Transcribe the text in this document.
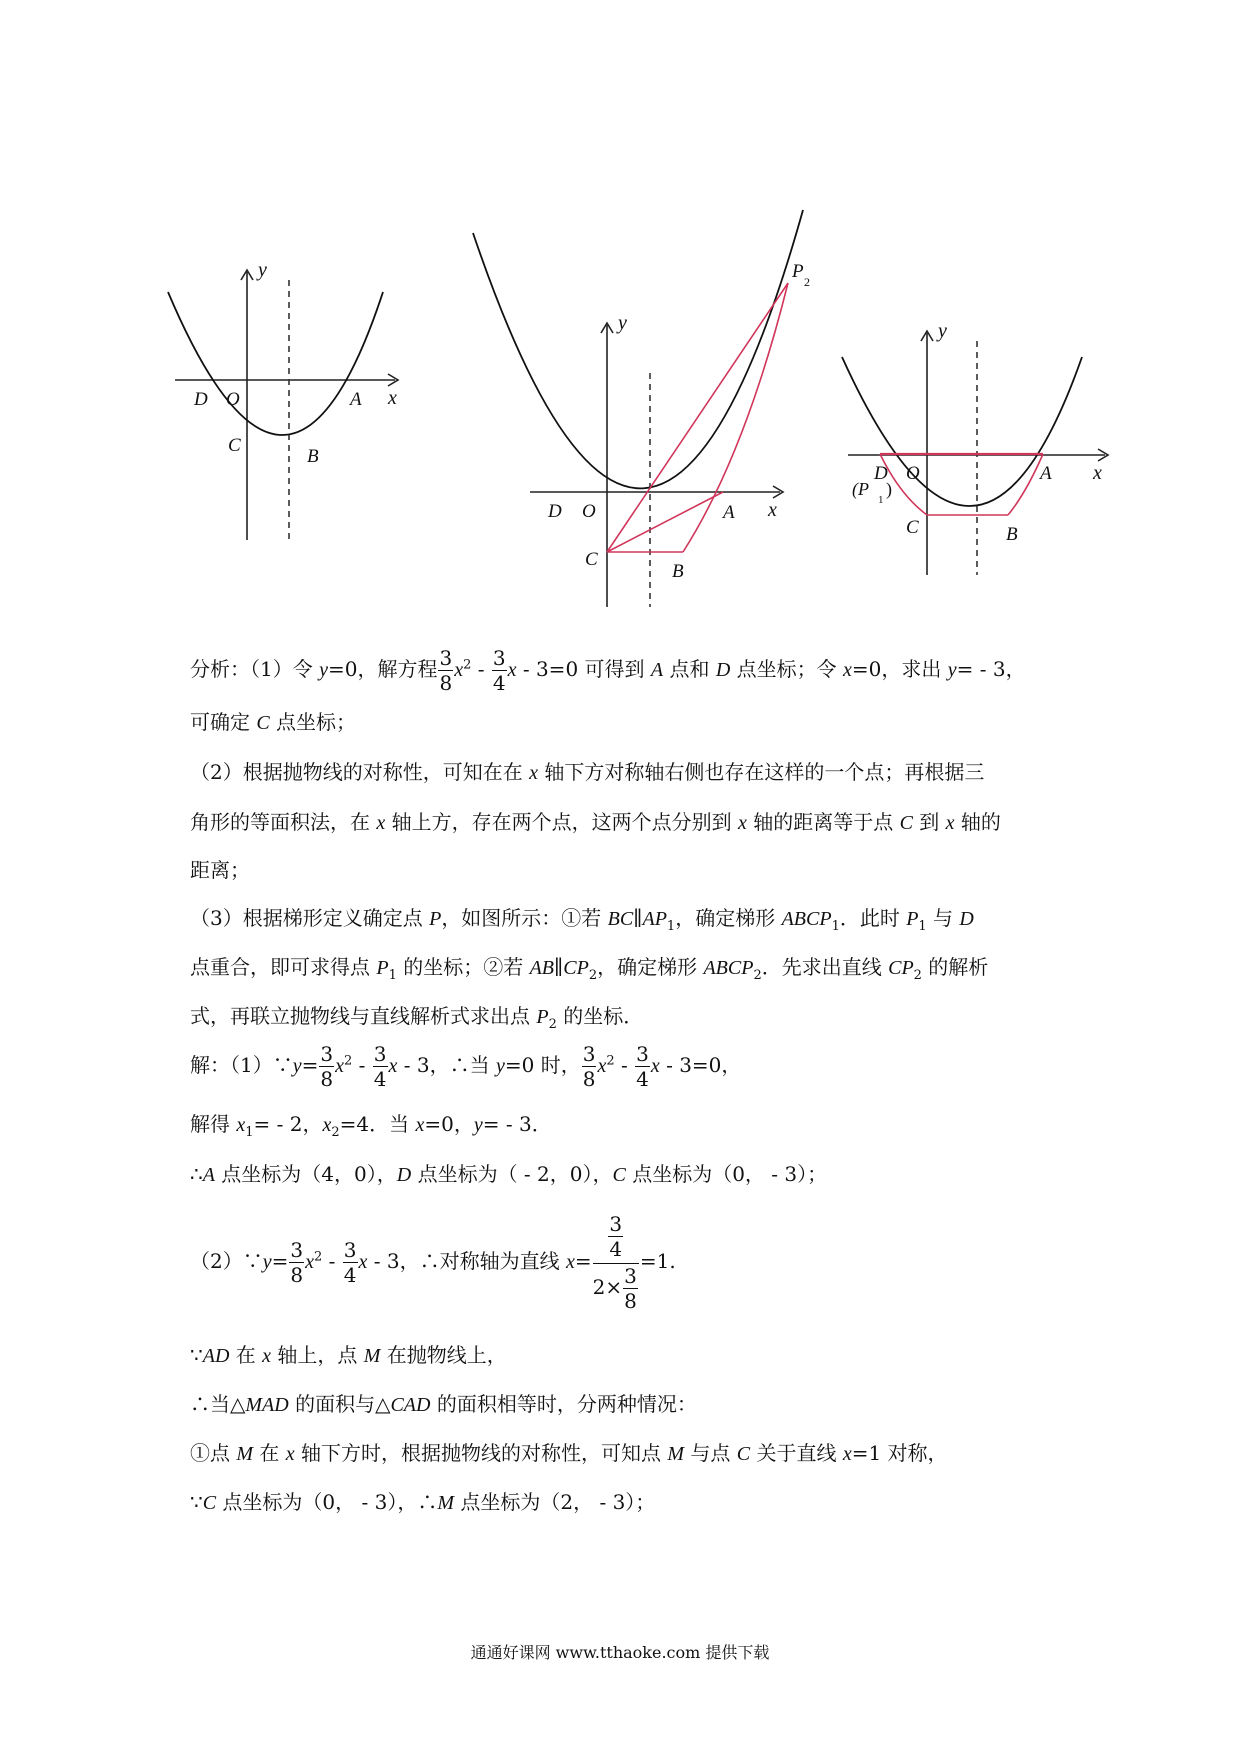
y
x
D O	A
C
B
y
x
D O	A
C
B
P 2
y
x
D O	A
(P
1
)
C	B
分析：（1）令 y=0，解方程 $\frac{3}{8} x^2 - \frac{3}{4}$ x - 3=0 可得到 A 点和 D 点坐标；令 x=0，求出 y= - 3，
可确定 C 点坐标；
（2）根据抛物线的对称性，可知在在 x 轴下方对称轴右侧也存在这样的一个点；再根据三
角形的等面积法，在 x 轴上方，存在两个点，这两个点分别到 x 轴的距离等于点 C 到 x 轴的
距离；
（3）根据梯形定义确定点 P，如图所示：①若 $BC\parallel AP_1$，确定梯形 $ABCP_1$．此时 $P_1$ 与 D
点重合，即可求得点 $P_1$ 的坐标；②若 $AB\parallel CP_2$，确定梯形 $ABCP_2$．先求出直线 $CP_2$ 的解析
式，再联立抛物线与直线解析式求出点 $P_2$ 的坐标．
解：（1）∵y= $\frac{3}{8} x^2 - \frac{3}{4}$ x - 3，∴当 y=0 时， $\frac{3}{8} x^2 - \frac{3}{4}$ x - 3=0，
解得 $x_1= - 2$，$x_2=4$．当 x=0，y= - 3．
∴A 点坐标为（4，0），D 点坐标为（ - 2，0），C 点坐标为（0， - 3）；
（2）∵y= $\frac{3}{8} x^2 - \frac{3}{4}$ x - 3，∴对称轴为直线 $x= \frac{\frac{3}{4}}{2\times \frac{3}{8}} =1$.
∵AD 在 x 轴上，点 M 在抛物线上，
∴当△MAD 的面积与△CAD 的面积相等时，分两种情况：
①点 M 在 x 轴下方时，根据抛物线的对称性，可知点 M 与点 C 关于直线 x=1 对称，
∵C 点坐标为（0， - 3），∴M 点坐标为（2， - 3）；
通通好课网 www.tthaoke.com 提供下载
